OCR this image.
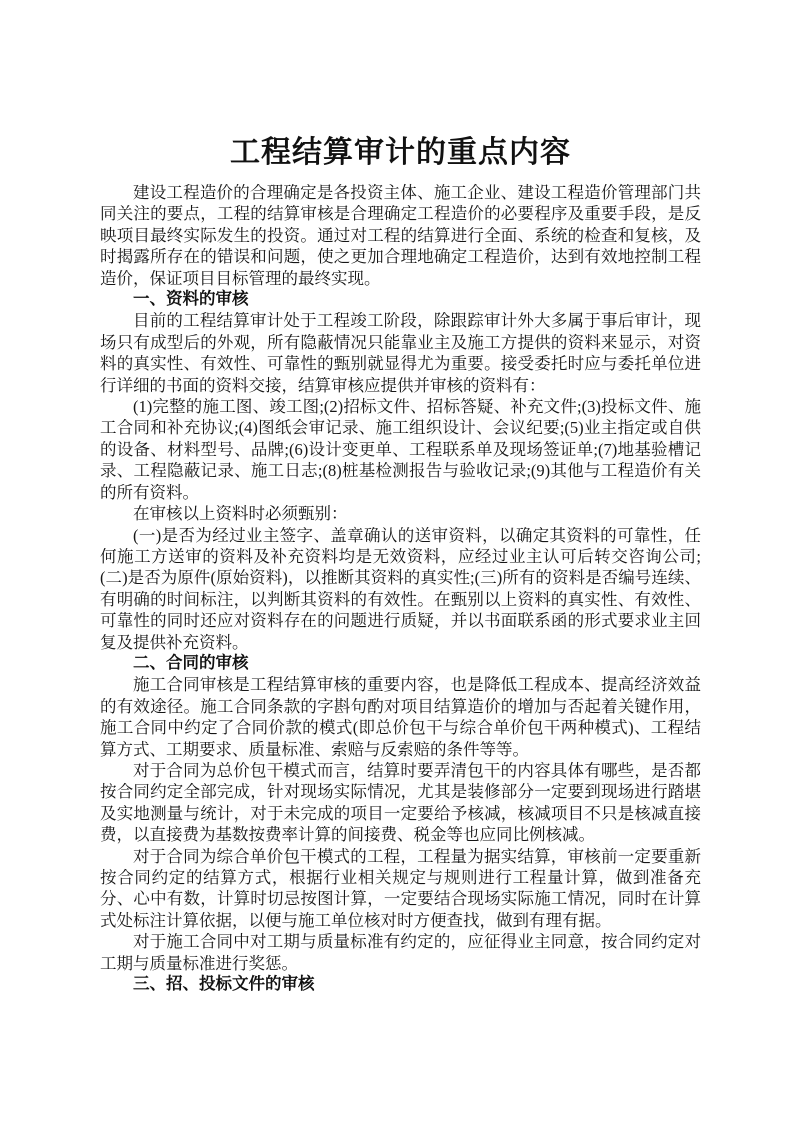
工程结算审计的重点内容

建设工程造价的合理确定是各投资主体、施工企业、建设工程造价管理部门共同关注的要点，工程的结算审核是合理确定工程造价的必要程序及重要手段，是反映项目最终实际发生的投资。通过对工程的结算进行全面、系统的检查和复核，及时揭露所存在的错误和问题，使之更加合理地确定工程造价，达到有效地控制工程造价，保证项目目标管理的最终实现。

一、资料的审核

目前的工程结算审计处于工程竣工阶段，除跟踪审计外大多属于事后审计，现场只有成型后的外观，所有隐蔽情况只能靠业主及施工方提供的资料来显示，对资料的真实性、有效性、可靠性的甄别就显得尤为重要。接受委托时应与委托单位进行详细的书面的资料交接，结算审核应提供并审核的资料有：

(1)完整的施工图、竣工图;(2)招标文件、招标答疑、补充文件;(3)投标文件、施工合同和补充协议;(4)图纸会审记录、施工组织设计、会议纪要;(5)业主指定或自供的设备、材料型号、品牌;(6)设计变更单、工程联系单及现场签证单;(7)地基验槽记录、工程隐蔽记录、施工日志;(8)桩基检测报告与验收记录;(9)其他与工程造价有关的所有资料。

在审核以上资料时必须甄别：

(一)是否为经过业主签字、盖章确认的送审资料，以确定其资料的可靠性，任何施工方送审的资料及补充资料均是无效资料，应经过业主认可后转交咨询公司;(二)是否为原件(原始资料)，以推断其资料的真实性;(三)所有的资料是否编号连续、有明确的时间标注，以判断其资料的有效性。在甄别以上资料的真实性、有效性、可靠性的同时还应对资料存在的问题进行质疑，并以书面联系函的形式要求业主回复及提供补充资料。

二、合同的审核

施工合同审核是工程结算审核的重要内容，也是降低工程成本、提高经济效益的有效途径。施工合同条款的字斟句酌对项目结算造价的增加与否起着关键作用，施工合同中约定了合同价款的模式(即总价包干与综合单价包干两种模式)、工程结算方式、工期要求、质量标准、索赔与反索赔的条件等等。

对于合同为总价包干模式而言，结算时要弄清包干的内容具体有哪些，是否都按合同约定全部完成，针对现场实际情况，尤其是装修部分一定要到现场进行踏堪及实地测量与统计，对于未完成的项目一定要给予核减，核减项目不只是核减直接费，以直接费为基数按费率计算的间接费、税金等也应同比例核减。

对于合同为综合单价包干模式的工程，工程量为据实结算，审核前一定要重新按合同约定的结算方式，根据行业相关规定与规则进行工程量计算，做到准备充分、心中有数，计算时切忌按图计算，一定要结合现场实际施工情况，同时在计算式处标注计算依据，以便与施工单位核对时方便查找，做到有理有据。

对于施工合同中对工期与质量标准有约定的，应征得业主同意，按合同约定对工期与质量标准进行奖惩。

三、招、投标文件的审核
